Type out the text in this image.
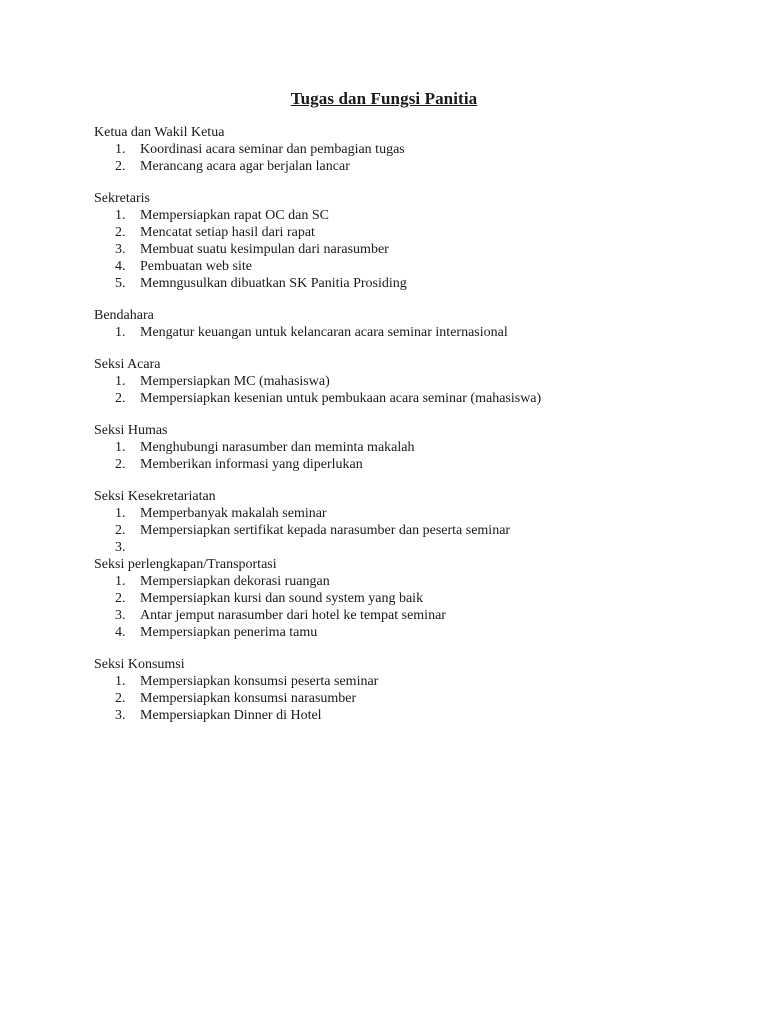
Tugas dan Fungsi Panitia
Ketua dan Wakil Ketua
1. Koordinasi acara seminar dan pembagian tugas
2. Merancang acara agar berjalan lancar
Sekretaris
1. Mempersiapkan rapat OC dan SC
2. Mencatat setiap hasil dari rapat
3. Membuat suatu kesimpulan dari narasumber
4. Pembuatan web site
5. Memngusulkan dibuatkan SK Panitia Prosiding
Bendahara
1. Mengatur keuangan untuk kelancaran acara seminar internasional
Seksi Acara
1. Mempersiapkan MC (mahasiswa)
2. Mempersiapkan kesenian untuk pembukaan acara seminar (mahasiswa)
Seksi Humas
1. Menghubungi narasumber dan meminta makalah
2. Memberikan informasi yang diperlukan
Seksi Kesekretariatan
1. Memperbanyak makalah seminar
2. Mempersiapkan sertifikat kepada narasumber dan peserta seminar
3.
Seksi perlengkapan/Transportasi
1. Mempersiapkan dekorasi ruangan
2. Mempersiapkan kursi dan sound system yang baik
3. Antar jemput narasumber dari hotel ke tempat seminar
4. Mempersiapkan penerima tamu
Seksi Konsumsi
1. Mempersiapkan konsumsi peserta seminar
2. Mempersiapkan konsumsi narasumber
3. Mempersiapkan Dinner di Hotel
